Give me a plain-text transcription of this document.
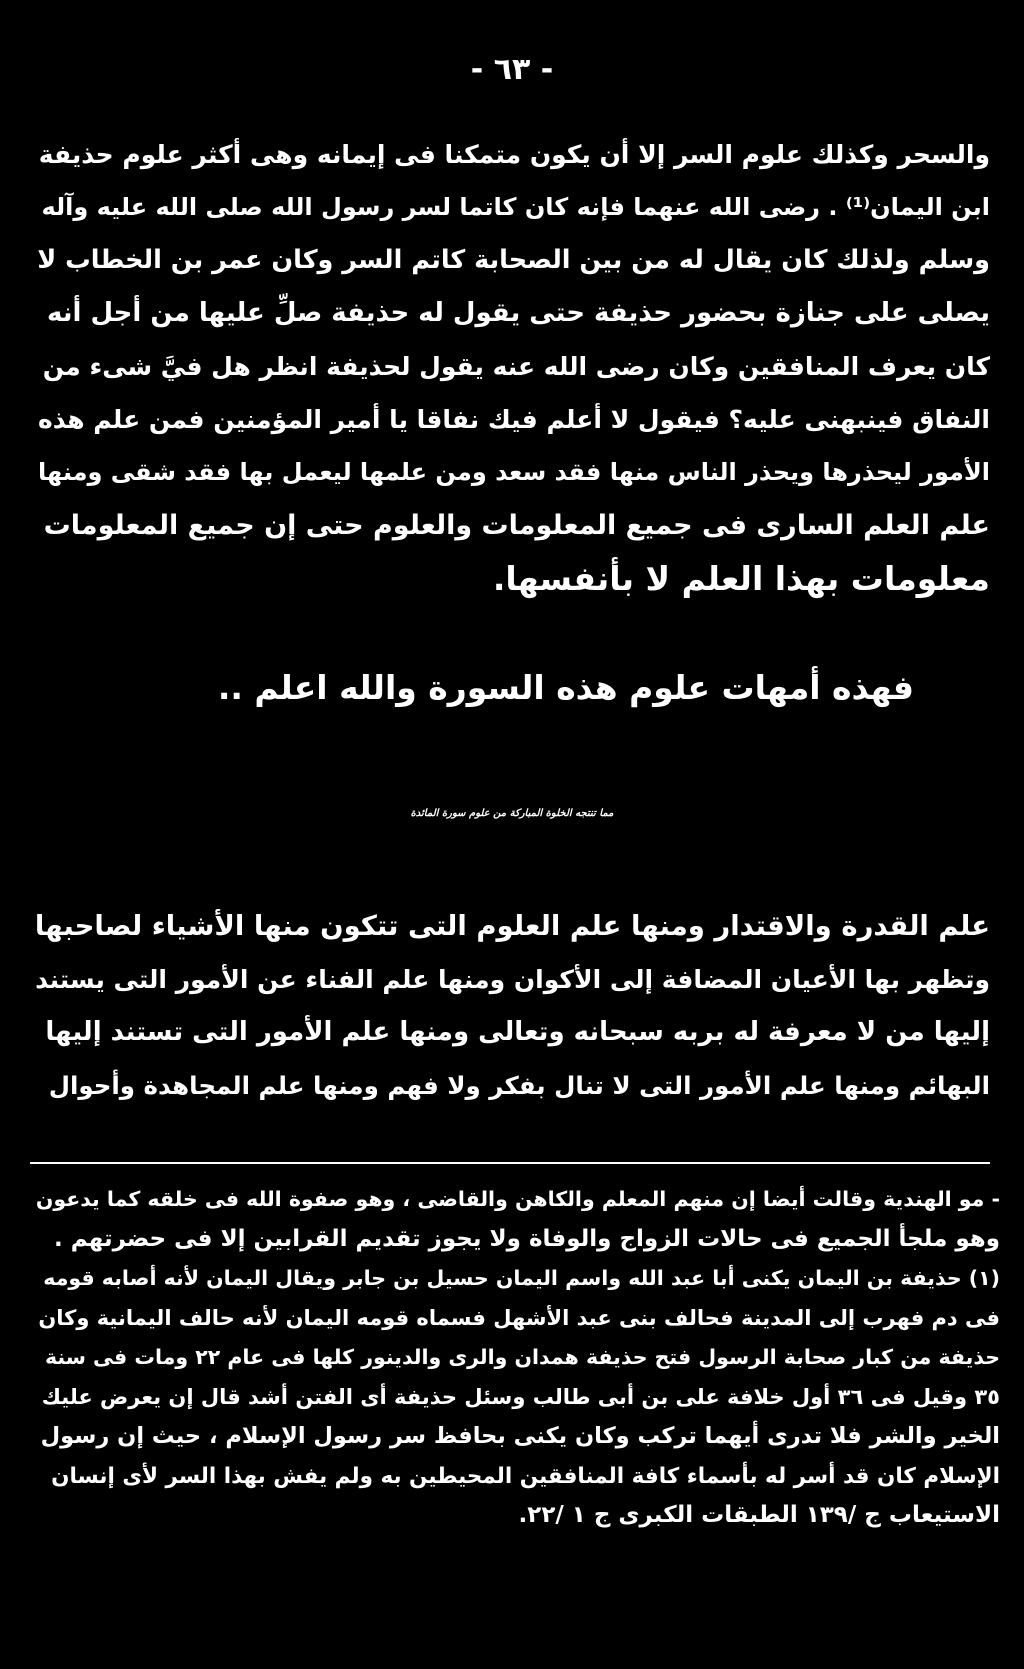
- ٦٣ -
والسحر وكذلك علوم السر إلا أن يكون متمكنا فى إيمانه وهى أكثر علوم حذيفة
ابن اليمان⁽¹⁾ . رضى الله عنهما فإنه كان كاتما لسر رسول الله صلى الله عليه وآله
وسلم ولذلك كان يقال له من بين الصحابة كاتم السر وكان عمر بن الخطاب لا
يصلى على جنازة بحضور حذيفة حتى يقول له حذيفة صلِّ عليها من أجل أنه
كان يعرف المنافقين وكان رضى الله عنه يقول لحذيفة انظر هل فيَّ شىء من
النفاق فينبهنى عليه؟ فيقول لا أعلم فيك نفاقا يا أمير المؤمنين فمن علم هذه
الأمور ليحذرها ويحذر الناس منها فقد سعد ومن علمها ليعمل بها فقد شقى ومنها
علم العلم السارى فى جميع المعلومات والعلوم حتى إن جميع المعلومات
معلومات بهذا العلم لا بأنفسها.
فهذه أمهات علوم هذه السورة والله اعلم ..
مما تنتجه الخلوة المباركة من علوم سورة المائدة
علم القدرة والاقتدار ومنها علم العلوم التى تتكون منها الأشياء لصاحبها
وتظهر بها الأعيان المضافة إلى الأكوان ومنها علم الفناء عن الأمور التى يستند
إليها من لا معرفة له بربه سبحانه وتعالى ومنها علم الأمور التى تستند إليها
البهائم ومنها علم الأمور التى لا تنال بفكر ولا فهم ومنها علم المجاهدة وأحوال
- مو الهندية وقالت أيضا إن منهم المعلم والكاهن والقاضى ، وهو صفوة الله فى خلقه كما يدعون
وهو ملجأ الجميع فى حالات الزواج والوفاة ولا يجوز تقديم القرابين إلا فى حضرتهم .
(١) حذيفة بن اليمان يكنى أبا عبد الله واسم اليمان حسيل بن جابر ويقال اليمان لأنه أصابه قومه
فى دم فهرب إلى المدينة فحالف بنى عبد الأشهل فسماه قومه اليمان لأنه حالف اليمانية وكان
حذيفة من كبار صحابة الرسول فتح حذيفة همدان والرى والدينور كلها فى عام ٢٢ ومات فى سنة
٣٥ وقيل فى ٣٦ أول خلافة على بن أبى طالب وسئل حذيفة أى الفتن أشد قال إن يعرض عليك
الخير والشر فلا تدرى أيهما تركب وكان يكنى بحافظ سر رسول الإسلام ، حيث إن رسول
الإسلام كان قد أسر له بأسماء كافة المنافقين المحيطين به ولم يفش بهذا السر لأى إنسان
الاستيعاب ج /١٣٩ الطبقات الكبرى ج ١ /٢٢.
